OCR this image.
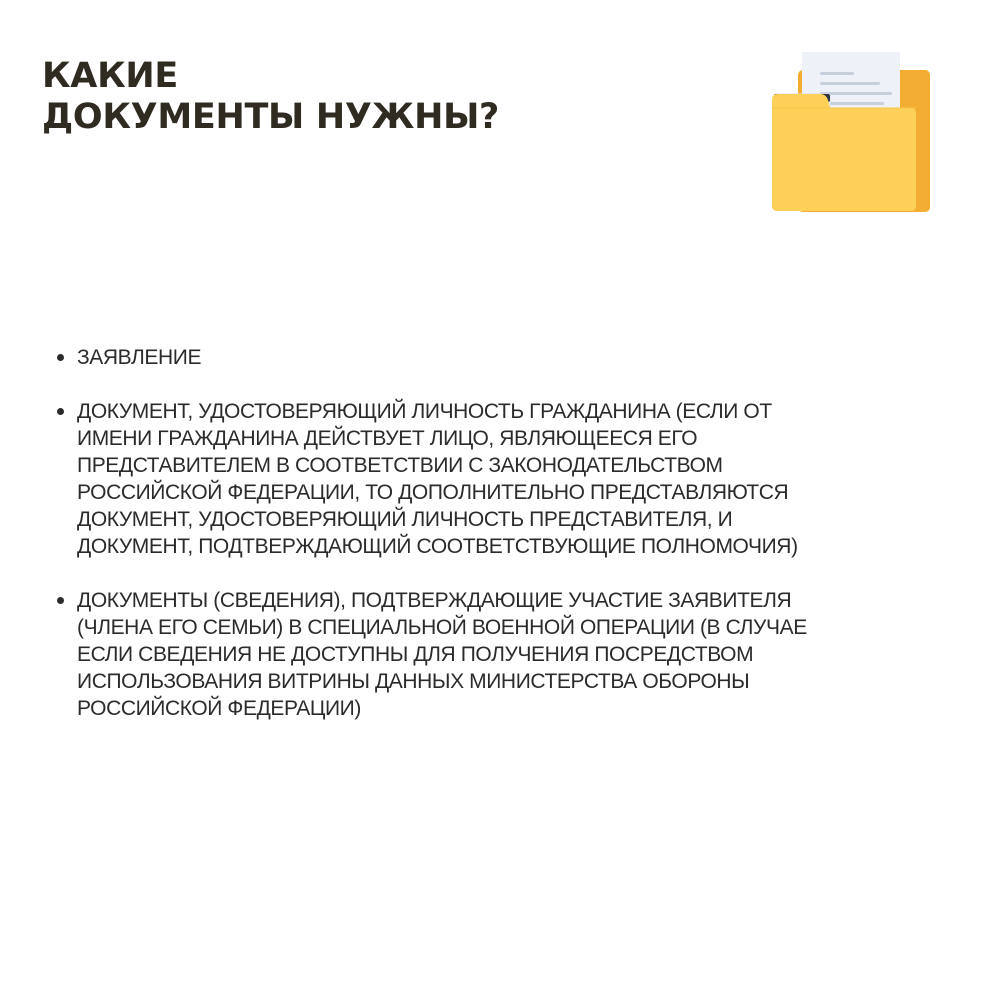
КАКИЕ
ДОКУМЕНТЫ НУЖНЫ?
ЗАЯВЛЕНИЕ
ДОКУМЕНТ, УДОСТОВЕРЯЮЩИЙ ЛИЧНОСТЬ ГРАЖДАНИНА (ЕСЛИ ОТ
ИМЕНИ ГРАЖДАНИНА ДЕЙСТВУЕТ ЛИЦО, ЯВЛЯЮЩЕЕСЯ ЕГО
ПРЕДСТАВИТЕЛЕМ В СООТВЕТСТВИИ С ЗАКОНОДАТЕЛЬСТВОМ
РОССИЙСКОЙ ФЕДЕРАЦИИ, ТО ДОПОЛНИТЕЛЬНО ПРЕДСТАВЛЯЮТСЯ
ДОКУМЕНТ, УДОСТОВЕРЯЮЩИЙ ЛИЧНОСТЬ ПРЕДСТАВИТЕЛЯ, И
ДОКУМЕНТ, ПОДТВЕРЖДАЮЩИЙ СООТВЕТСТВУЮЩИЕ ПОЛНОМОЧИЯ)
ДОКУМЕНТЫ (СВЕДЕНИЯ), ПОДТВЕРЖДАЮЩИЕ УЧАСТИЕ ЗАЯВИТЕЛЯ
(ЧЛЕНА ЕГО СЕМЬИ) В СПЕЦИАЛЬНОЙ ВОЕННОЙ ОПЕРАЦИИ (В СЛУЧАЕ
ЕСЛИ СВЕДЕНИЯ НЕ ДОСТУПНЫ ДЛЯ ПОЛУЧЕНИЯ ПОСРЕДСТВОМ
ИСПОЛЬЗОВАНИЯ ВИТРИНЫ ДАННЫХ МИНИСТЕРСТВА ОБОРОНЫ
РОССИЙСКОЙ ФЕДЕРАЦИИ)
